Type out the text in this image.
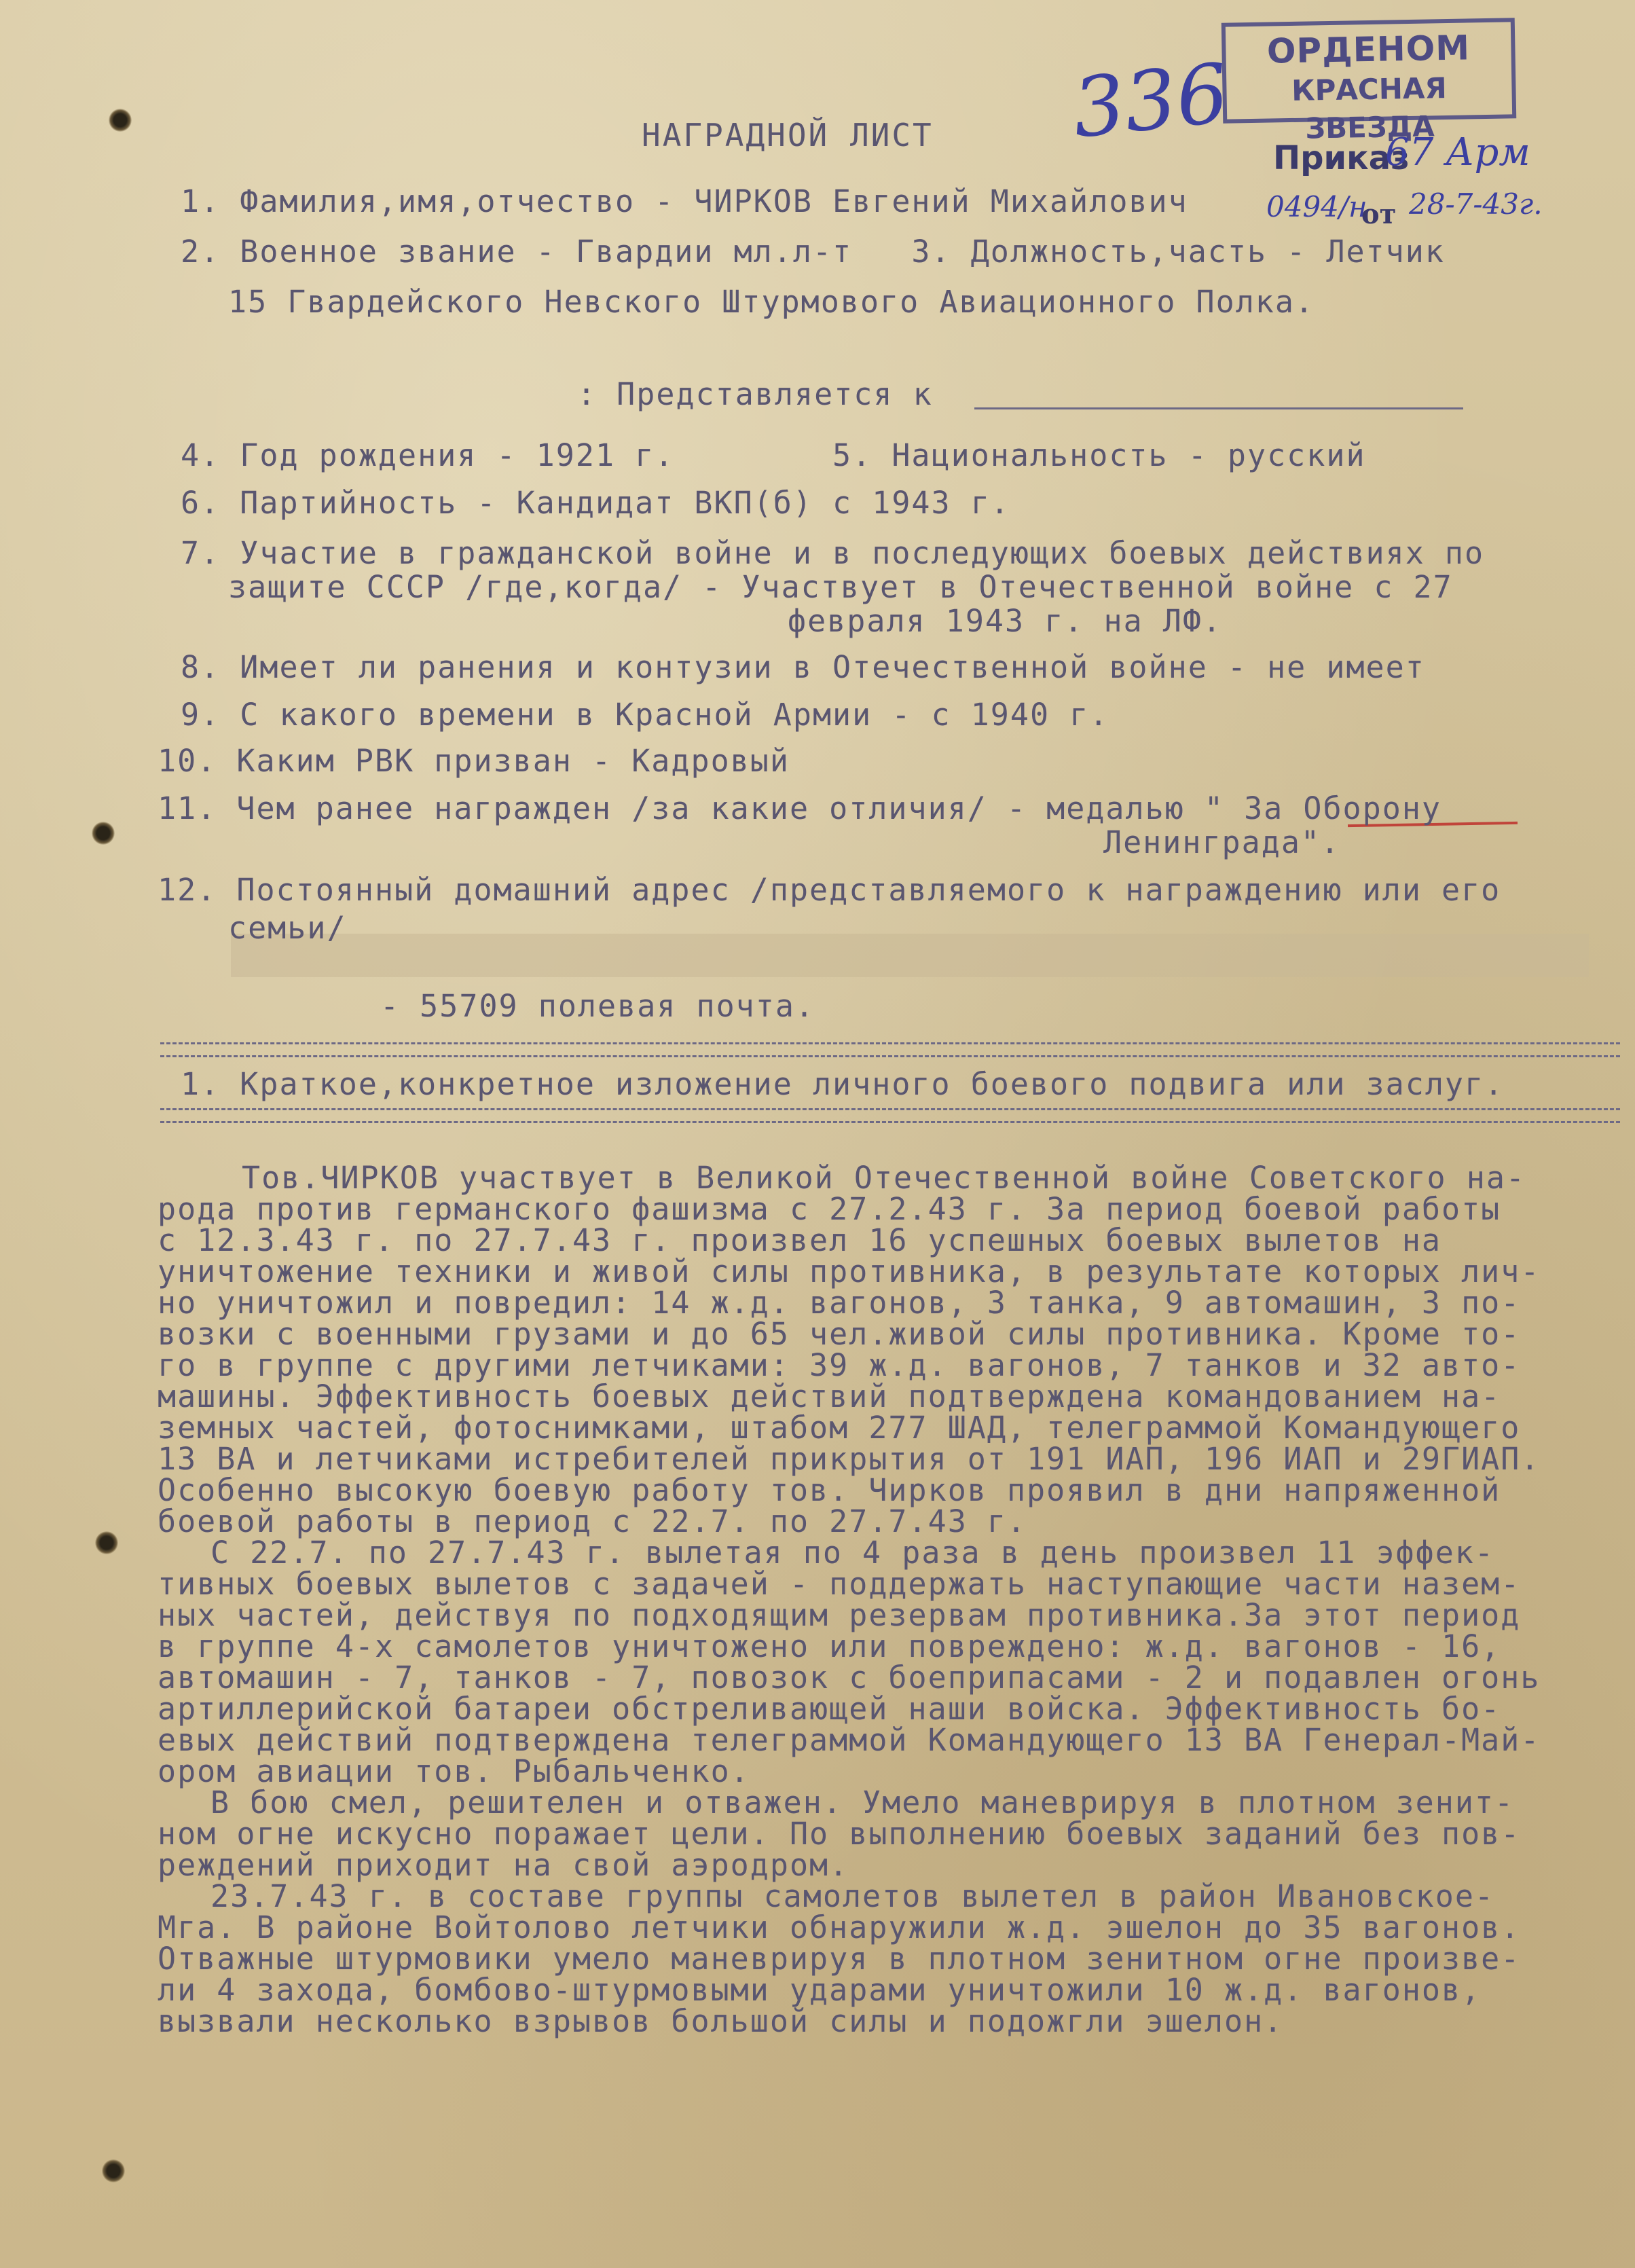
ОРДЕНОМ
КРАСНАЯ ЗВЕЗДА
336
Приказ
67 Арм
0494/н
от 28-7-43г.
НАГРАДНОЙ ЛИСТ
1. Фамилия,имя,отчество - ЧИРКОВ Евгений Михайлович
2. Военное звание - Гвардии мл.л-т   3. Должность,часть - Летчик
15 Гвардейского Невского Штурмового Авиационного Полка.
: Представляется к
4. Год рождения - 1921 г.        5. Национальность - русский
6. Партийность - Кандидат ВКП(б) с 1943 г.
7. Участие в гражданской войне и в последующих боевых действиях по
защите СССР /где,когда/ - Участвует в Отечественной войне с 27
февраля 1943 г. на ЛФ.
8. Имеет ли ранения и контузии в Отечественной войне - не имеет
9. С какого времени в Красной Армии - с 1940 г.
10. Каким РВК призван - Кадровый
11. Чем ранее награжден /за какие отличия/ - медалью " За Оборону
Ленинграда".
12. Постоянный домашний адрес /представляемого к награждению или его
семьи/
- 55709 полевая почта.
1. Краткое,конкретное изложение личного боевого подвига или заслуг.
Тов.ЧИРКОВ участвует в Великой Отечественной войне Советского на-
рода против германского фашизма с 27.2.43 г. За период боевой работы
с 12.3.43 г. по 27.7.43 г. произвел 16 успешных боевых вылетов на
уничтожение техники и живой силы противника, в результате которых лич-
но уничтожил и повредил: 14 ж.д. вагонов, 3 танка, 9 автомашин, 3 по-
возки с военными грузами и до 65 чел.живой силы противника. Кроме то-
го в группе с другими летчиками: 39 ж.д. вагонов, 7 танков и 32 авто-
машины. Эффективность боевых действий подтверждена командованием на-
земных частей, фотоснимками, штабом 277 ШАД, телеграммой Командующего
13 ВА и летчиками истребителей прикрытия от 191 ИАП, 196 ИАП и 29ГИАП.
Особенно высокую боевую работу тов. Чирков проявил в дни напряженной
боевой работы в период с 22.7. по 27.7.43 г.
С 22.7. по 27.7.43 г. вылетая по 4 раза в день произвел 11 эффек-
тивных боевых вылетов с задачей - поддержать наступающие части назем-
ных частей, действуя по подходящим резервам противника.За этот период
в группе 4-х самолетов уничтожено или повреждено: ж.д. вагонов - 16,
автомашин - 7, танков - 7, повозок с боеприпасами - 2 и подавлен огонь
артиллерийской батареи обстреливающей наши войска. Эффективность бо-
евых действий подтверждена телеграммой Командующего 13 ВА Генерал-Май-
ором авиации тов. Рыбальченко.
В бою смел, решителен и отважен. Умело маневрируя в плотном зенит-
ном огне искусно поражает цели. По выполнению боевых заданий без пов-
реждений приходит на свой аэродром.
23.7.43 г. в составе группы самолетов вылетел в район Ивановское-
Мга. В районе Войтолово летчики обнаружили ж.д. эшелон до 35 вагонов.
Отважные штурмовики умело маневрируя в плотном зенитном огне произве-
ли 4 захода, бомбово-штурмовыми ударами уничтожили 10 ж.д. вагонов,
вызвали несколько взрывов большой силы и подожгли эшелон.
